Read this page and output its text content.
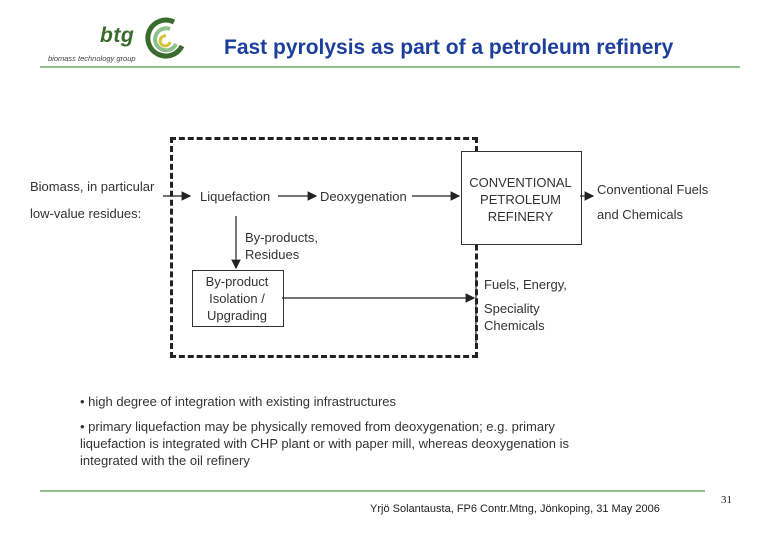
btg
biomass technology group	Fast pyrolysis as part of a petroleum refinery
Biomass, in particular
low-value residues:
Liquefaction	Deoxygenation
CONVENTIONAL
PETROLEUM
REFINERY
Conventional Fuels
and Chemicals
By-products,
Residues
By-product
Isolation /
Upgrading
Fuels, Energy,
Speciality
Chemicals
• high degree of integration with existing infrastructures
• primary liquefaction may be physically removed from deoxygenation; e.g. primary liquefaction is integrated with CHP plant or with paper mill, whereas deoxygenation is integrated with the oil refinery
Yrjö Solantausta, FP6 Contr.Mtng, Jönkoping, 31 May 2006
31
